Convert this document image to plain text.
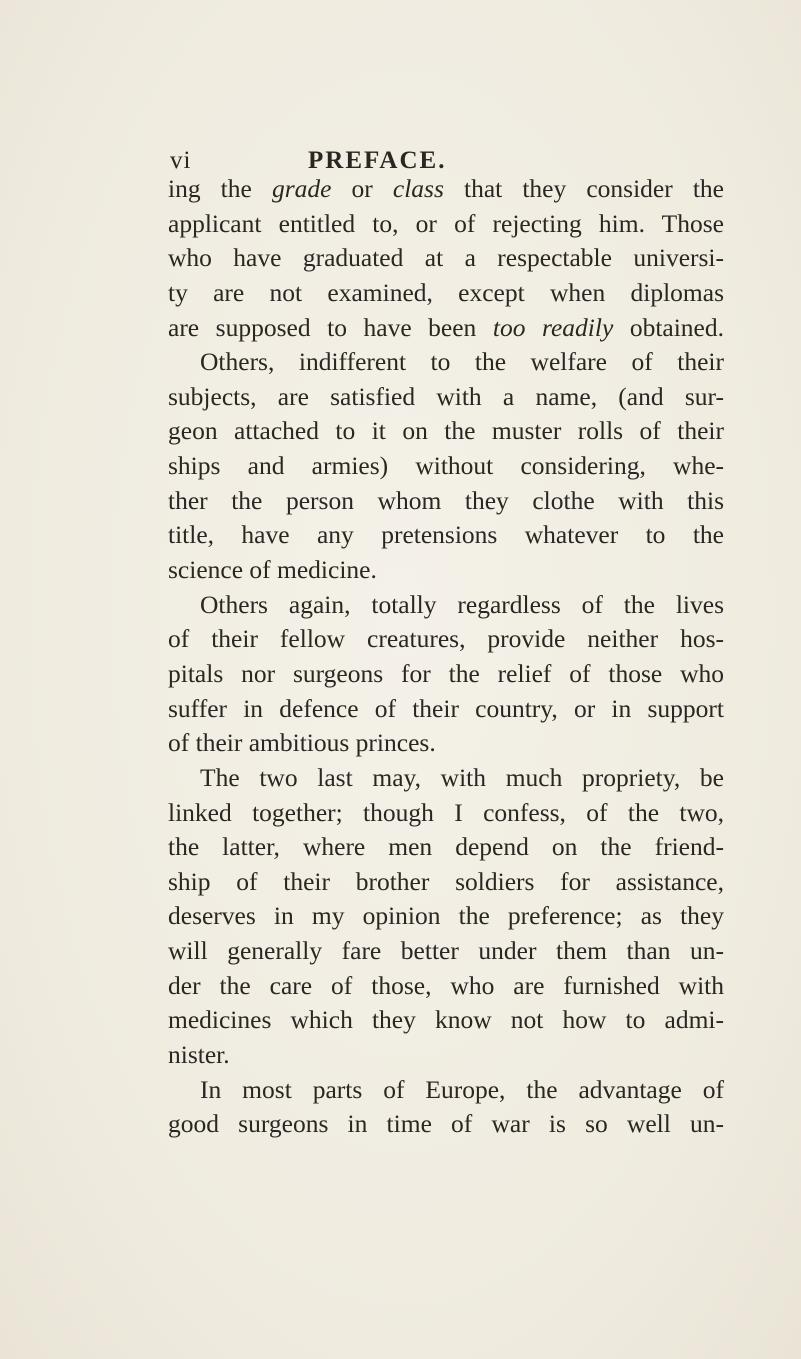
vi	PREFACE.
ing the grade or class that they consider the
applicant entitled to, or of rejecting him. Those
who have graduated at a respectable universi-
ty are not examined, except when diplomas
are supposed to have been too readily obtained.
Others, indifferent to the welfare of their
subjects, are satisfied with a name, (and sur-
geon attached to it on the muster rolls of their
ships and armies) without considering, whe-
ther the person whom they clothe with this
title, have any pretensions whatever to the
science of medicine.
Others again, totally regardless of the lives
of their fellow creatures, provide neither hos-
pitals nor surgeons for the relief of those who
suffer in defence of their country, or in support
of their ambitious princes.
The two last may, with much propriety, be
linked together; though I confess, of the two,
the latter, where men depend on the friend-
ship of their brother soldiers for assistance,
deserves in my opinion the preference; as they
will generally fare better under them than un-
der the care of those, who are furnished with
medicines which they know not how to admi-
nister.
In most parts of Europe, the advantage of
good surgeons in time of war is so well un-
